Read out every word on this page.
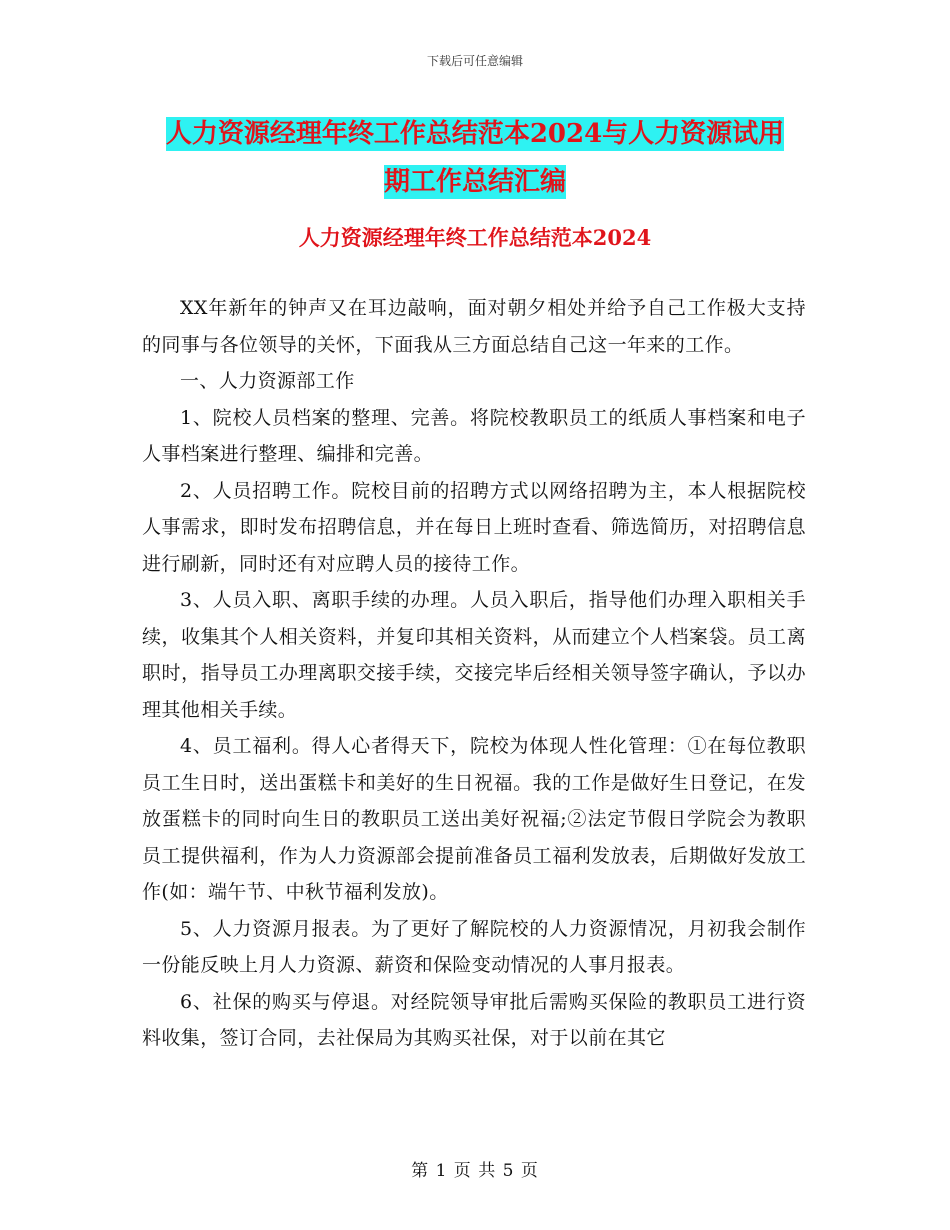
下载后可任意编辑
人力资源经理年终工作总结范本2024与人力资源试用
期工作总结汇编
人力资源经理年终工作总结范本2024

XX年新年的钟声又在耳边敲响，面对朝夕相处并给予自己工作极大支持的同事与各位领导的关怀，下面我从三方面总结自己这一年来的工作。

一、人力资源部工作

1、院校人员档案的整理、完善。将院校教职员工的纸质人事档案和电子人事档案进行整理、编排和完善。

2、人员招聘工作。院校目前的招聘方式以网络招聘为主，本人根据院校人事需求，即时发布招聘信息，并在每日上班时查看、筛选简历，对招聘信息进行刷新，同时还有对应聘人员的接待工作。

3、人员入职、离职手续的办理。人员入职后，指导他们办理入职相关手续，收集其个人相关资料，并复印其相关资料，从而建立个人档案袋。员工离职时，指导员工办理离职交接手续，交接完毕后经相关领导签字确认，予以办理其他相关手续。

4、员工福利。得人心者得天下，院校为体现人性化管理：①在每位教职员工生日时，送出蛋糕卡和美好的生日祝福。我的工作是做好生日登记，在发放蛋糕卡的同时向生日的教职员工送出美好祝福;②法定节假日学院会为教职员工提供福利，作为人力资源部会提前准备员工福利发放表，后期做好发放工作(如：端午节、中秋节福利发放)。

5、人力资源月报表。为了更好了解院校的人力资源情况，月初我会制作一份能反映上月人力资源、薪资和保险变动情况的人事月报表。

6、社保的购买与停退。对经院领导审批后需购买保险的教职员工进行资料收集，签订合同，去社保局为其购买社保，对于以前在其它

第 1 页 共 5 页
